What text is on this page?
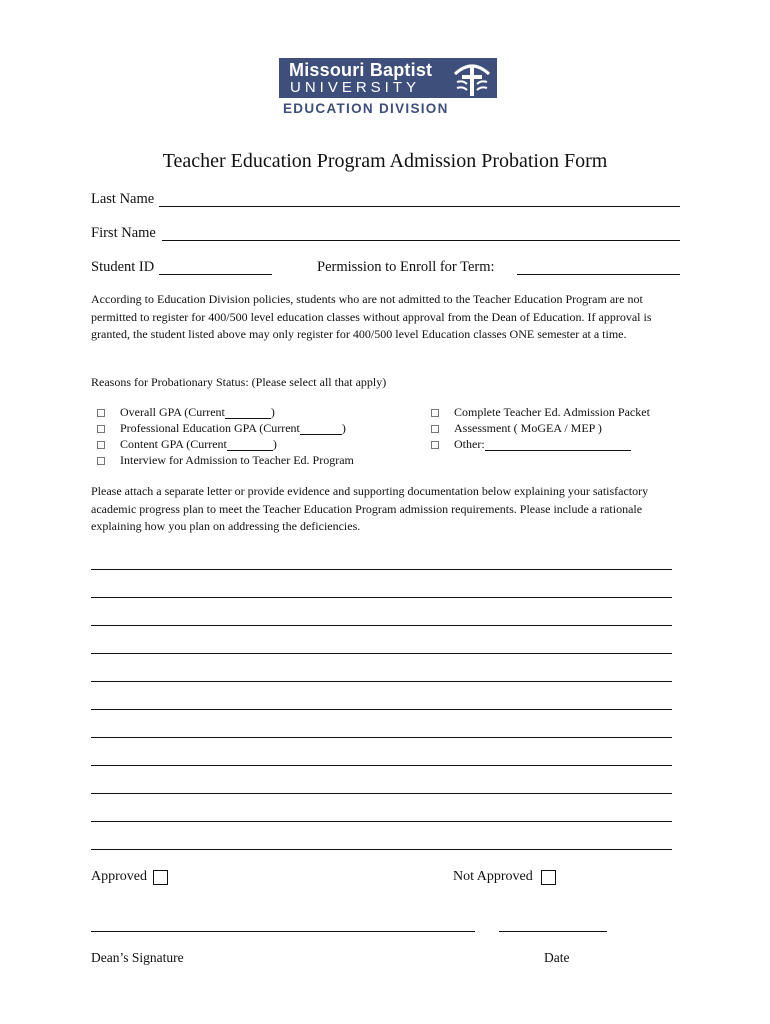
Missouri Baptist
UNIVERSITY
EDUCATION DIVISION
Teacher Education Program Admission Probation Form
Last Name
First Name
Student ID	Permission to Enroll for Term:
According to Education Division policies, students who are not admitted to the Teacher Education Program are not permitted to register for 400/500 level education classes without approval from the Dean of Education. If approval is granted, the student listed above may only register for 400/500 level Education classes ONE semester at a time.
Reasons for Probationary Status: (Please select all that apply)
Overall GPA (Current	)
Professional Education GPA (Current	)
Content GPA (Current	)
Interview for Admission to Teacher Ed. Program
Complete Teacher Ed. Admission Packet
Assessment ( MoGEA / MEP )
Other:
Please attach a separate letter or provide evidence and supporting documentation below explaining your satisfactory academic progress plan to meet the Teacher Education Program admission requirements. Please include a rationale explaining how you plan on addressing the deficiencies.
Approved	Not Approved
Dean’s Signature	Date
